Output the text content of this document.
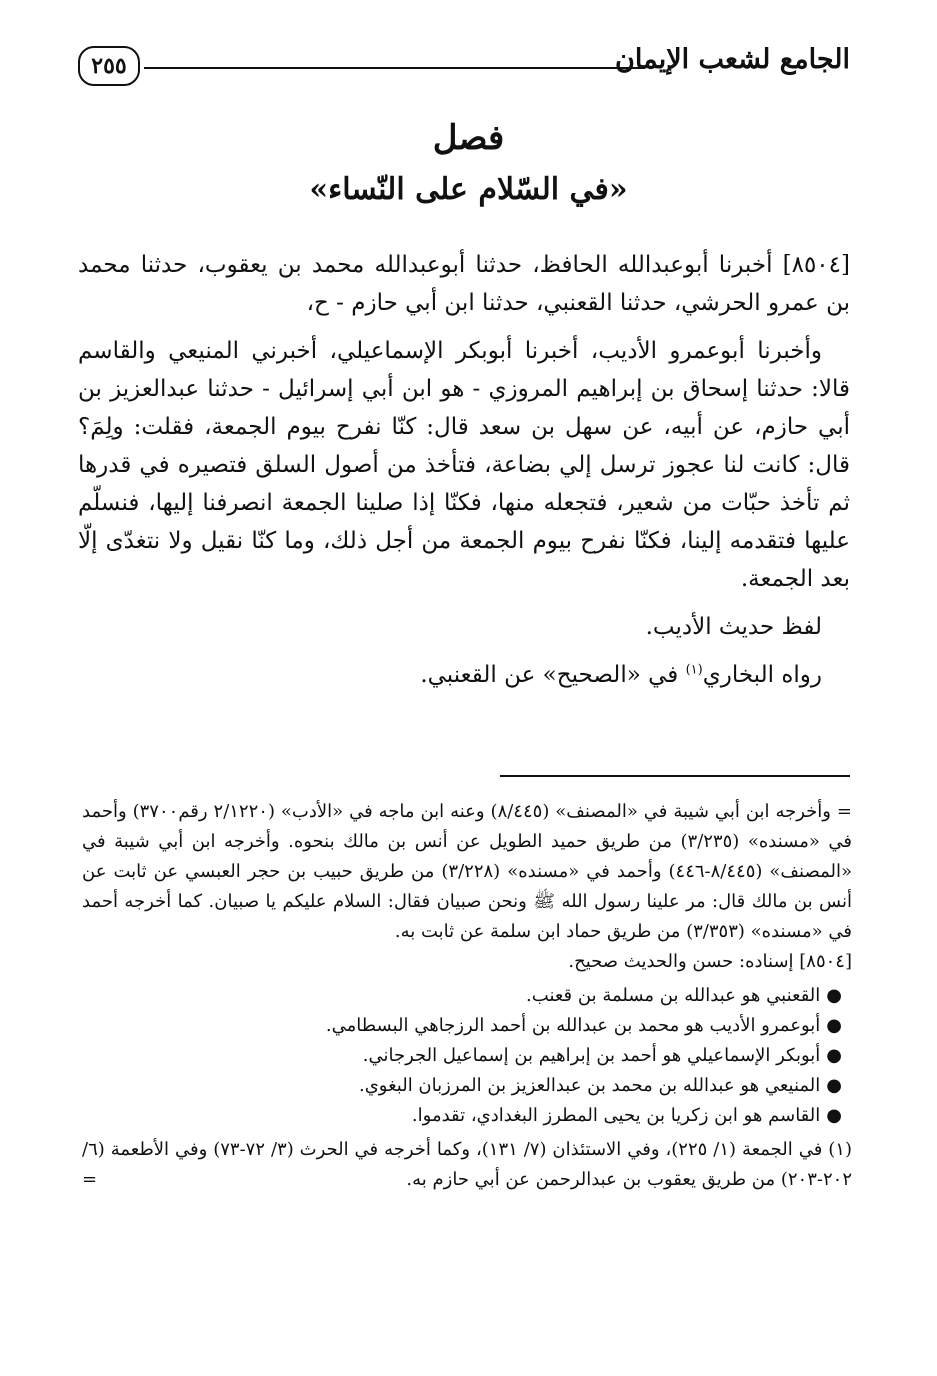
الجامع لشعب الإيمان
٢٥٥
فصل
«في السّلام على النّساء»

[٨٥٠٤] أخبرنا أبوعبدالله الحافظ، حدثنا أبوعبدالله محمد بن يعقوب، حدثنا محمد بن عمرو الحرشي، حدثنا القعنبي، حدثنا ابن أبي حازم - ح،

وأخبرنا أبوعمرو الأديب، أخبرنا أبوبكر الإسماعيلي، أخبرني المنيعي والقاسم قالا: حدثنا إسحاق بن إبراهيم المروزي - هو ابن أبي إسرائيل - حدثنا عبدالعزيز بن أبي حازم، عن أبيه، عن سهل بن سعد قال: كنّا نفرح بيوم الجمعة، فقلت: ولِمَ؟ قال: كانت لنا عجوز ترسل إلي بضاعة، فتأخذ من أصول السلق فتصيره في قدرها ثم تأخذ حبّات من شعير، فتجعله منها، فكنّا إذا صلينا الجمعة انصرفنا إليها، فنسلّم عليها فتقدمه إلينا، فكنّا نفرح بيوم الجمعة من أجل ذلك، وما كنّا نقيل ولا نتغدّى إلّا بعد الجمعة.

لفظ حديث الأديب.

رواه البخاري$^{(١)}$ في «الصحيح» عن القعنبي.

= وأخرجه ابن أبي شيبة في «المصنف» (٨/٤٤٥) وعنه ابن ماجه في «الأدب» (٢/١٢٢٠ رقم٣٧٠٠) وأحمد في «مسنده» (٣/٢٣٥) من طريق حميد الطويل عن أنس بن مالك بنحوه. وأخرجه ابن أبي شيبة في «المصنف» (٨/٤٤٥-٤٤٦) وأحمد في «مسنده» (٣/٢٢٨) من طريق حبيب بن حجر العبسي عن ثابت عن أنس بن مالك قال: مر علينا رسول الله ﷺ ونحن صبيان فقال: السلام عليكم يا صبيان. كما أخرجه أحمد في «مسنده» (٣/٣٥٣) من طريق حماد ابن سلمة عن ثابت به.

[٨٥٠٤] إسناده: حسن والحديث صحيح.

●القعنبي هو عبدالله بن مسلمة بن قعنب.
●أبوعمرو الأديب هو محمد بن عبدالله بن أحمد الرزجاهي البسطامي.
●أبوبكر الإسماعيلي هو أحمد بن إبراهيم بن إسماعيل الجرجاني.
●المنيعي هو عبدالله بن محمد بن عبدالعزيز بن المرزبان البغوي.
●القاسم هو ابن زكريا بن يحيى المطرز البغدادي، تقدموا.

(١) في الجمعة (١/ ٢٢٥)، وفي الاستئذان (٧/ ١٣١)، وكما أخرجه في الحرث (٣/ ٧٢-٧٣) وفي الأطعمة (٦/ ٢٠٢-٢٠٣) من طريق يعقوب بن عبدالرحمن عن أبي حازم به.
=
